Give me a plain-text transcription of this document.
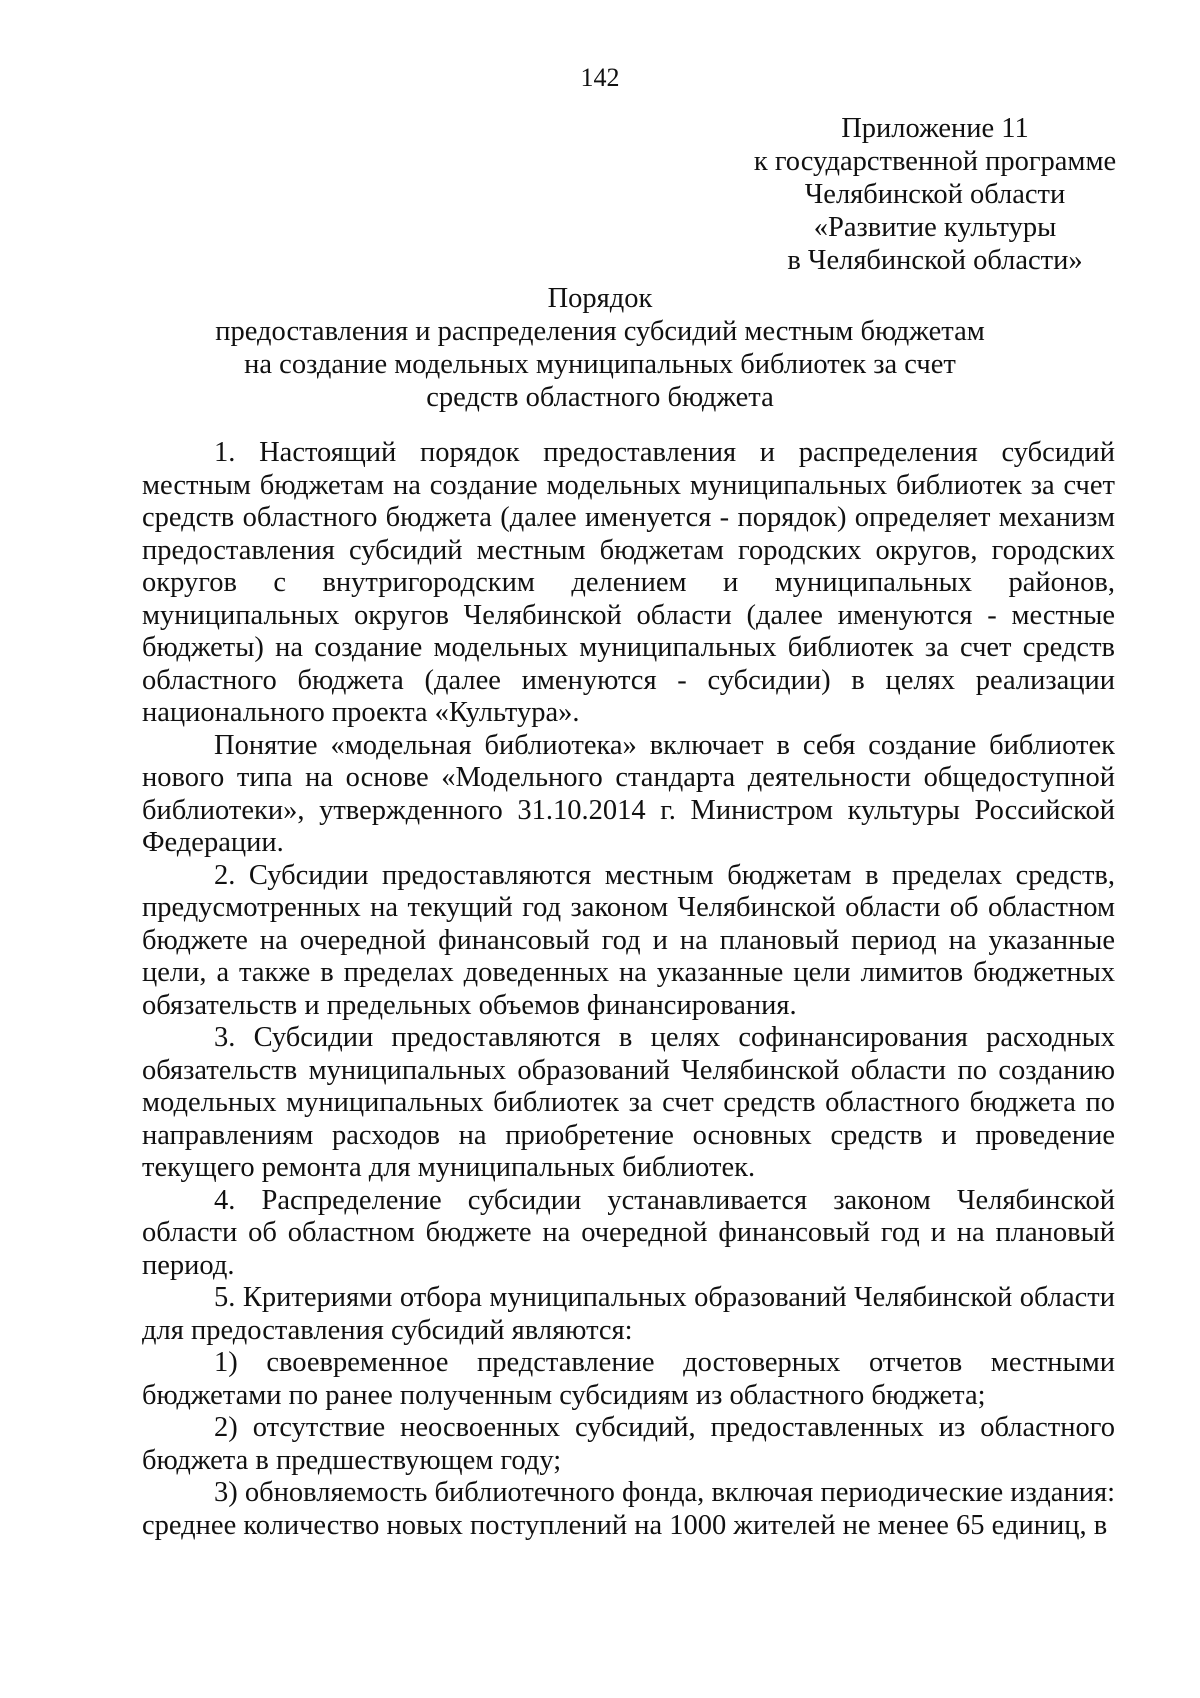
142
Приложение 11
к государственной программе
Челябинской области
«Развитие культуры
в Челябинской области»
Порядок
предоставления и распределения субсидий местным бюджетам
на создание модельных муниципальных библиотек за счет
средств областного бюджета

1. Настоящий порядок предоставления и распределения субсидий местным бюджетам на создание модельных муниципальных библиотек за счет средств областного бюджета (далее именуется - порядок) определяет механизм предоставления субсидий местным бюджетам городских округов, городских округов с внутригородским делением и муниципальных районов, муниципальных округов Челябинской области (далее именуются - местные бюджеты) на создание модельных муниципальных библиотек за счет средств областного бюджета (далее именуются - субсидии) в целях реализации национального проекта «Культура».

Понятие «модельная библиотека» включает в себя создание библиотек нового типа на основе «Модельного стандарта деятельности общедоступной библиотеки», утвержденного 31.10.2014 г. Министром культуры Российской Федерации.

2. Субсидии предоставляются местным бюджетам в пределах средств, предусмотренных на текущий год законом Челябинской области об областном бюджете на очередной финансовый год и на плановый период на указанные цели, а также в пределах доведенных на указанные цели лимитов бюджетных обязательств и предельных объемов финансирования.

3. Субсидии предоставляются в целях софинансирования расходных обязательств муниципальных образований Челябинской области по созданию модельных муниципальных библиотек за счет средств областного бюджета по направлениям расходов на приобретение основных средств и проведение текущего ремонта для муниципальных библиотек.

4. Распределение субсидии устанавливается законом Челябинской области об областном бюджете на очередной финансовый год и на плановый период.

5. Критериями отбора муниципальных образований Челябинской области для предоставления субсидий являются:

1) своевременное представление достоверных отчетов местными бюджетами по ранее полученным субсидиям из областного бюджета;

2) отсутствие неосвоенных субсидий, предоставленных из областного бюджета в предшествующем году;

3) обновляемость библиотечного фонда, включая периодические издания: среднее количество новых поступлений на 1000 жителей не менее 65 единиц, в
